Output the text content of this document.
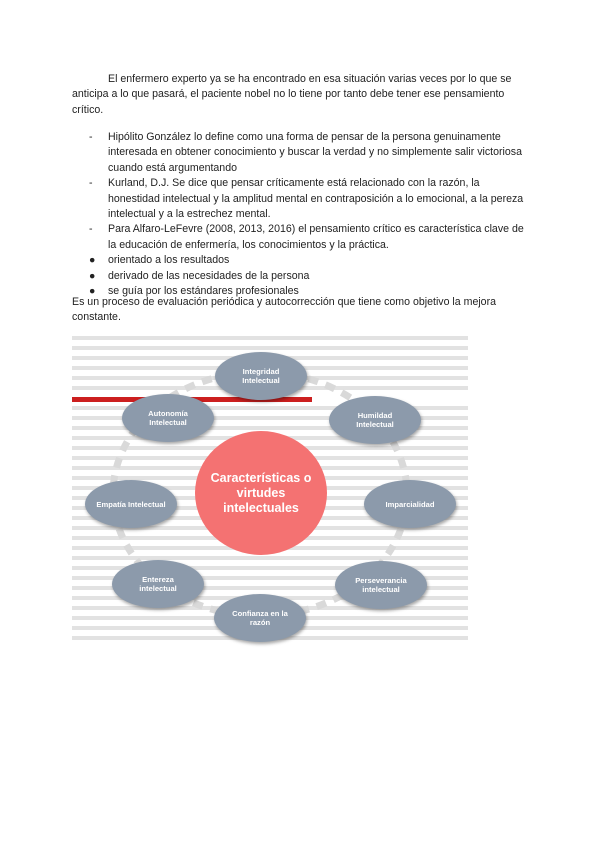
El enfermero experto ya se ha encontrado en esa situación varias veces por lo que se anticipa a lo que pasará, el paciente nobel no lo tiene por tanto debe tener ese pensamiento crítico.

- Hipólito González lo define como una forma de pensar de la persona genuinamente interesada en obtener conocimiento y buscar la verdad y no simplemente salir victoriosa cuando está argumentando
- Kurland, D.J. Se dice que pensar críticamente está relacionado con la razón, la honestidad intelectual y la amplitud mental en contraposición a lo emocional, a la pereza intelectual y a la estrechez mental.
- Para Alfaro-LeFevre (2008, 2013, 2016) el pensamiento crítico es característica clave de la educación de enfermería, los conocimientos y la práctica.
● orientado a los resultados
● derivado de las necesidades de la persona
● se guía por los estándares profesionales

Es un proceso de evaluación periódica y autocorrección que tiene como objetivo la mejora constante.

Características o virtudes intelectuales
Integridad Intelectual
Humildad Intelectual
Imparcialidad
Perseverancia intelectual
Confianza en la razón
Entereza intelectual
Empatía Intelectual
Autonomía Intelectual
